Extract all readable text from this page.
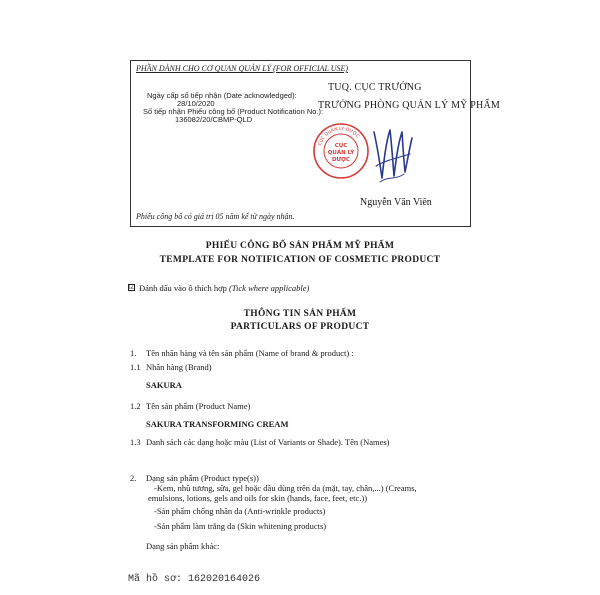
PHẦN DÀNH CHO CƠ QUAN QUẢN LÝ (FOR OFFICIAL USE)
Ngày cấp số tiếp nhận (Date acknowledged):
28/10/2020
Số tiếp nhận Phiếu công bố (Product Notification No.):
136082/20/CBMP-QLD
TUQ. CỤC TRƯỞNG
TRƯỞNG PHÒNG QUẢN LÝ MỸ PHẨM
CỤC QUẢN LÝ DƯỢC
CỤC
QUẢN LÝ
DƯỢC
Nguyễn Văn Viên
Phiếu công bố có giá trị 05 năm kể từ ngày nhận.
PHIẾU CÔNG BỐ SẢN PHẨM MỸ PHẨM
TEMPLATE FOR NOTIFICATION OF COSMETIC PRODUCT
☑ Đánh dấu vào ô thích hợp (Tick where applicable)
THÔNG TIN SẢN PHẨM
PARTICULARS OF PRODUCT
1. Tên nhãn hàng và tên sản phẩm (Name of brand & product) :
1.1 Nhãn hàng (Brand)
SAKURA
1.2 Tên sản phẩm (Product Name)
SAKURA TRANSFORMING CREAM
1.3 Danh sách các dạng hoặc màu (List of Variants or Shade). Tên (Names)
2. Dạng sản phẩm (Product type(s))
-Kem, nhũ tương, sữa, gel hoặc dầu dùng trên da (mặt, tay, chân,...) (Creams,
emulsions, lotions, gels and oils for skin (hands, face, feet, etc.))
-Sản phẩm chống nhăn da (Anti-wrinkle products)
-Sản phẩm làm trắng da (Skin whitening products)
Dạng sản phẩm khác:
Mã hồ sơ: 162020164026
